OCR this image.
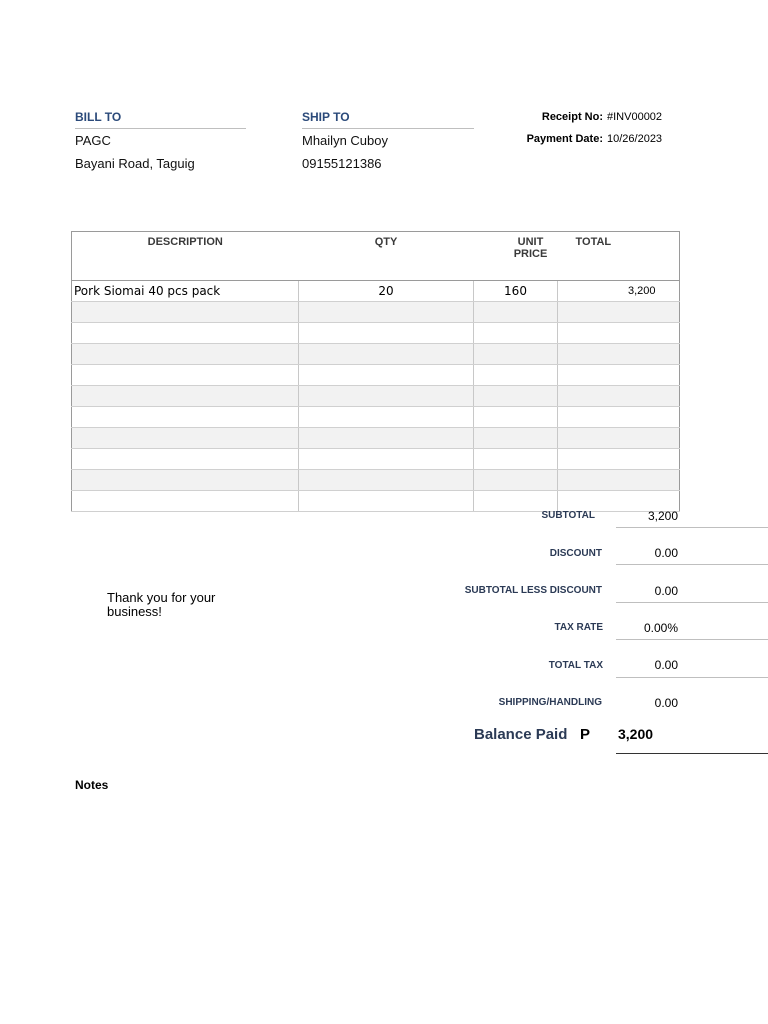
BILL TO
PAGC
Bayani Road, Taguig
SHIP TO
Mhailyn Cuboy
09155121386
Receipt No: #INV00002
Payment Date: 10/26/2023
DESCRIPTION	QTY	UNIT PRICE	TOTAL
Pork Siomai 40 pcs pack	20	160	3,200

SUBTOTAL	3,200
DISCOUNT	0.00
SUBTOTAL LESS DISCOUNT	0.00
TAX RATE	0.00%
TOTAL TAX	0.00
SHIPPING/HANDLING	0.00
Balance Paid P 3,200
Thank you for your business!
Notes
